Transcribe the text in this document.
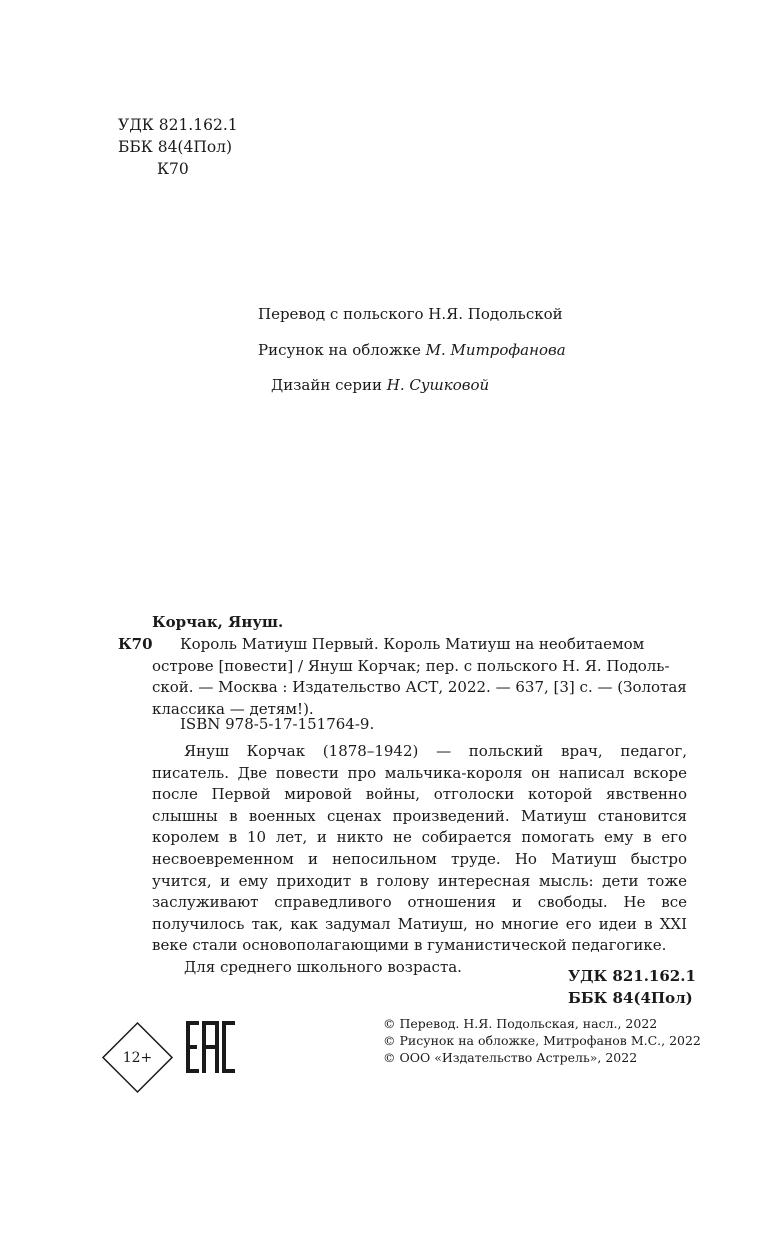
УДК 821.162.1
ББК 84(4Пол)
К70
Перевод с польского Н.Я. Подольской
Рисунок на обложке М. Митрофанова
Дизайн серии Н. Сушковой
Корчак, Януш.
К70 Король Матиуш Первый. Король Матиуш на необитаемом
острове [повести] / Януш Корчак; пер. с польского Н. Я. Подоль-
ской. — Москва : Издательство АСТ, 2022. — 637, [3] с. — (Золотая
классика — детям!).
ISBN 978-5-17-151764-9.

Януш Корчак (1878–1942) — польский врач, педагог, писатель. Две повести про мальчика-короля он написал вскоре после Первой мировой войны, отголоски которой явственно слышны в военных сценах произведений. Матиуш становится королем в 10 лет, и никто не собирается помогать ему в его несвоевременном и непосильном труде. Но Матиуш быстро учится, и ему приходит в голову интересная мысль: дети тоже заслуживают справедливого отношения и свободы. Не все получилось так, как задумал Матиуш, но многие его идеи в XXI веке стали основополагающими в гуманистической педагогике.

Для среднего школьного возраста.

УДК 821.162.1
ББК 84(4Пол)
12+
© Перевод. Н.Я. Подольская, насл., 2022
© Рисунок на обложке, Митрофанов М.С., 2022
© ООО «Издательство Астрель», 2022
